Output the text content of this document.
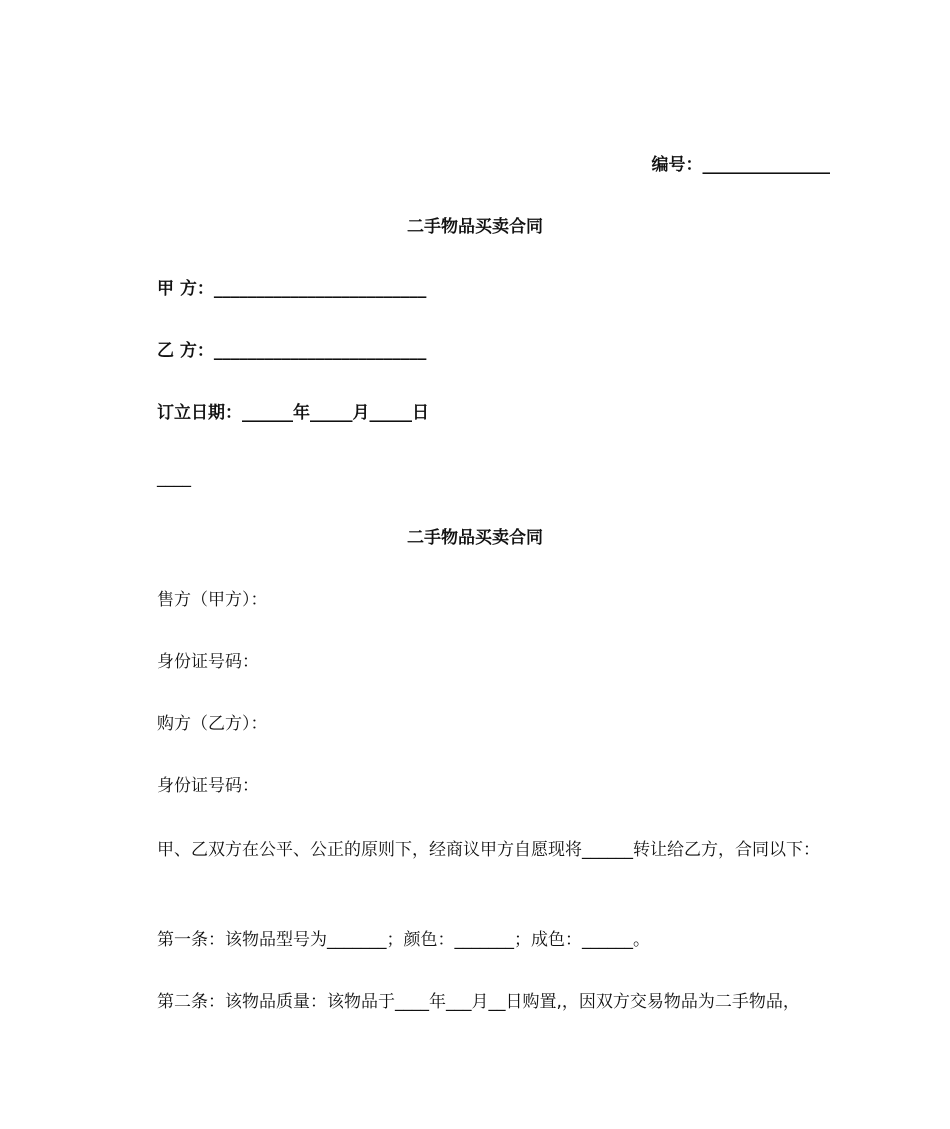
编号：_______________
二手物品买卖合同
甲 方：_________________________
乙 方：_________________________
订立日期：______年_____月_____日
____
二手物品买卖合同
售方（甲方）：
身份证号码：
购方（乙方）：
身份证号码：
甲、乙双方在公平、公正的原则下，经商议甲方自愿现将______转让给乙方，合同以下：
第一条：该物品型号为_______；颜色：_______；成色：______。
第二条：该物品质量：该物品于____年___月__日购置,，因双方交易物品为二手物品，
